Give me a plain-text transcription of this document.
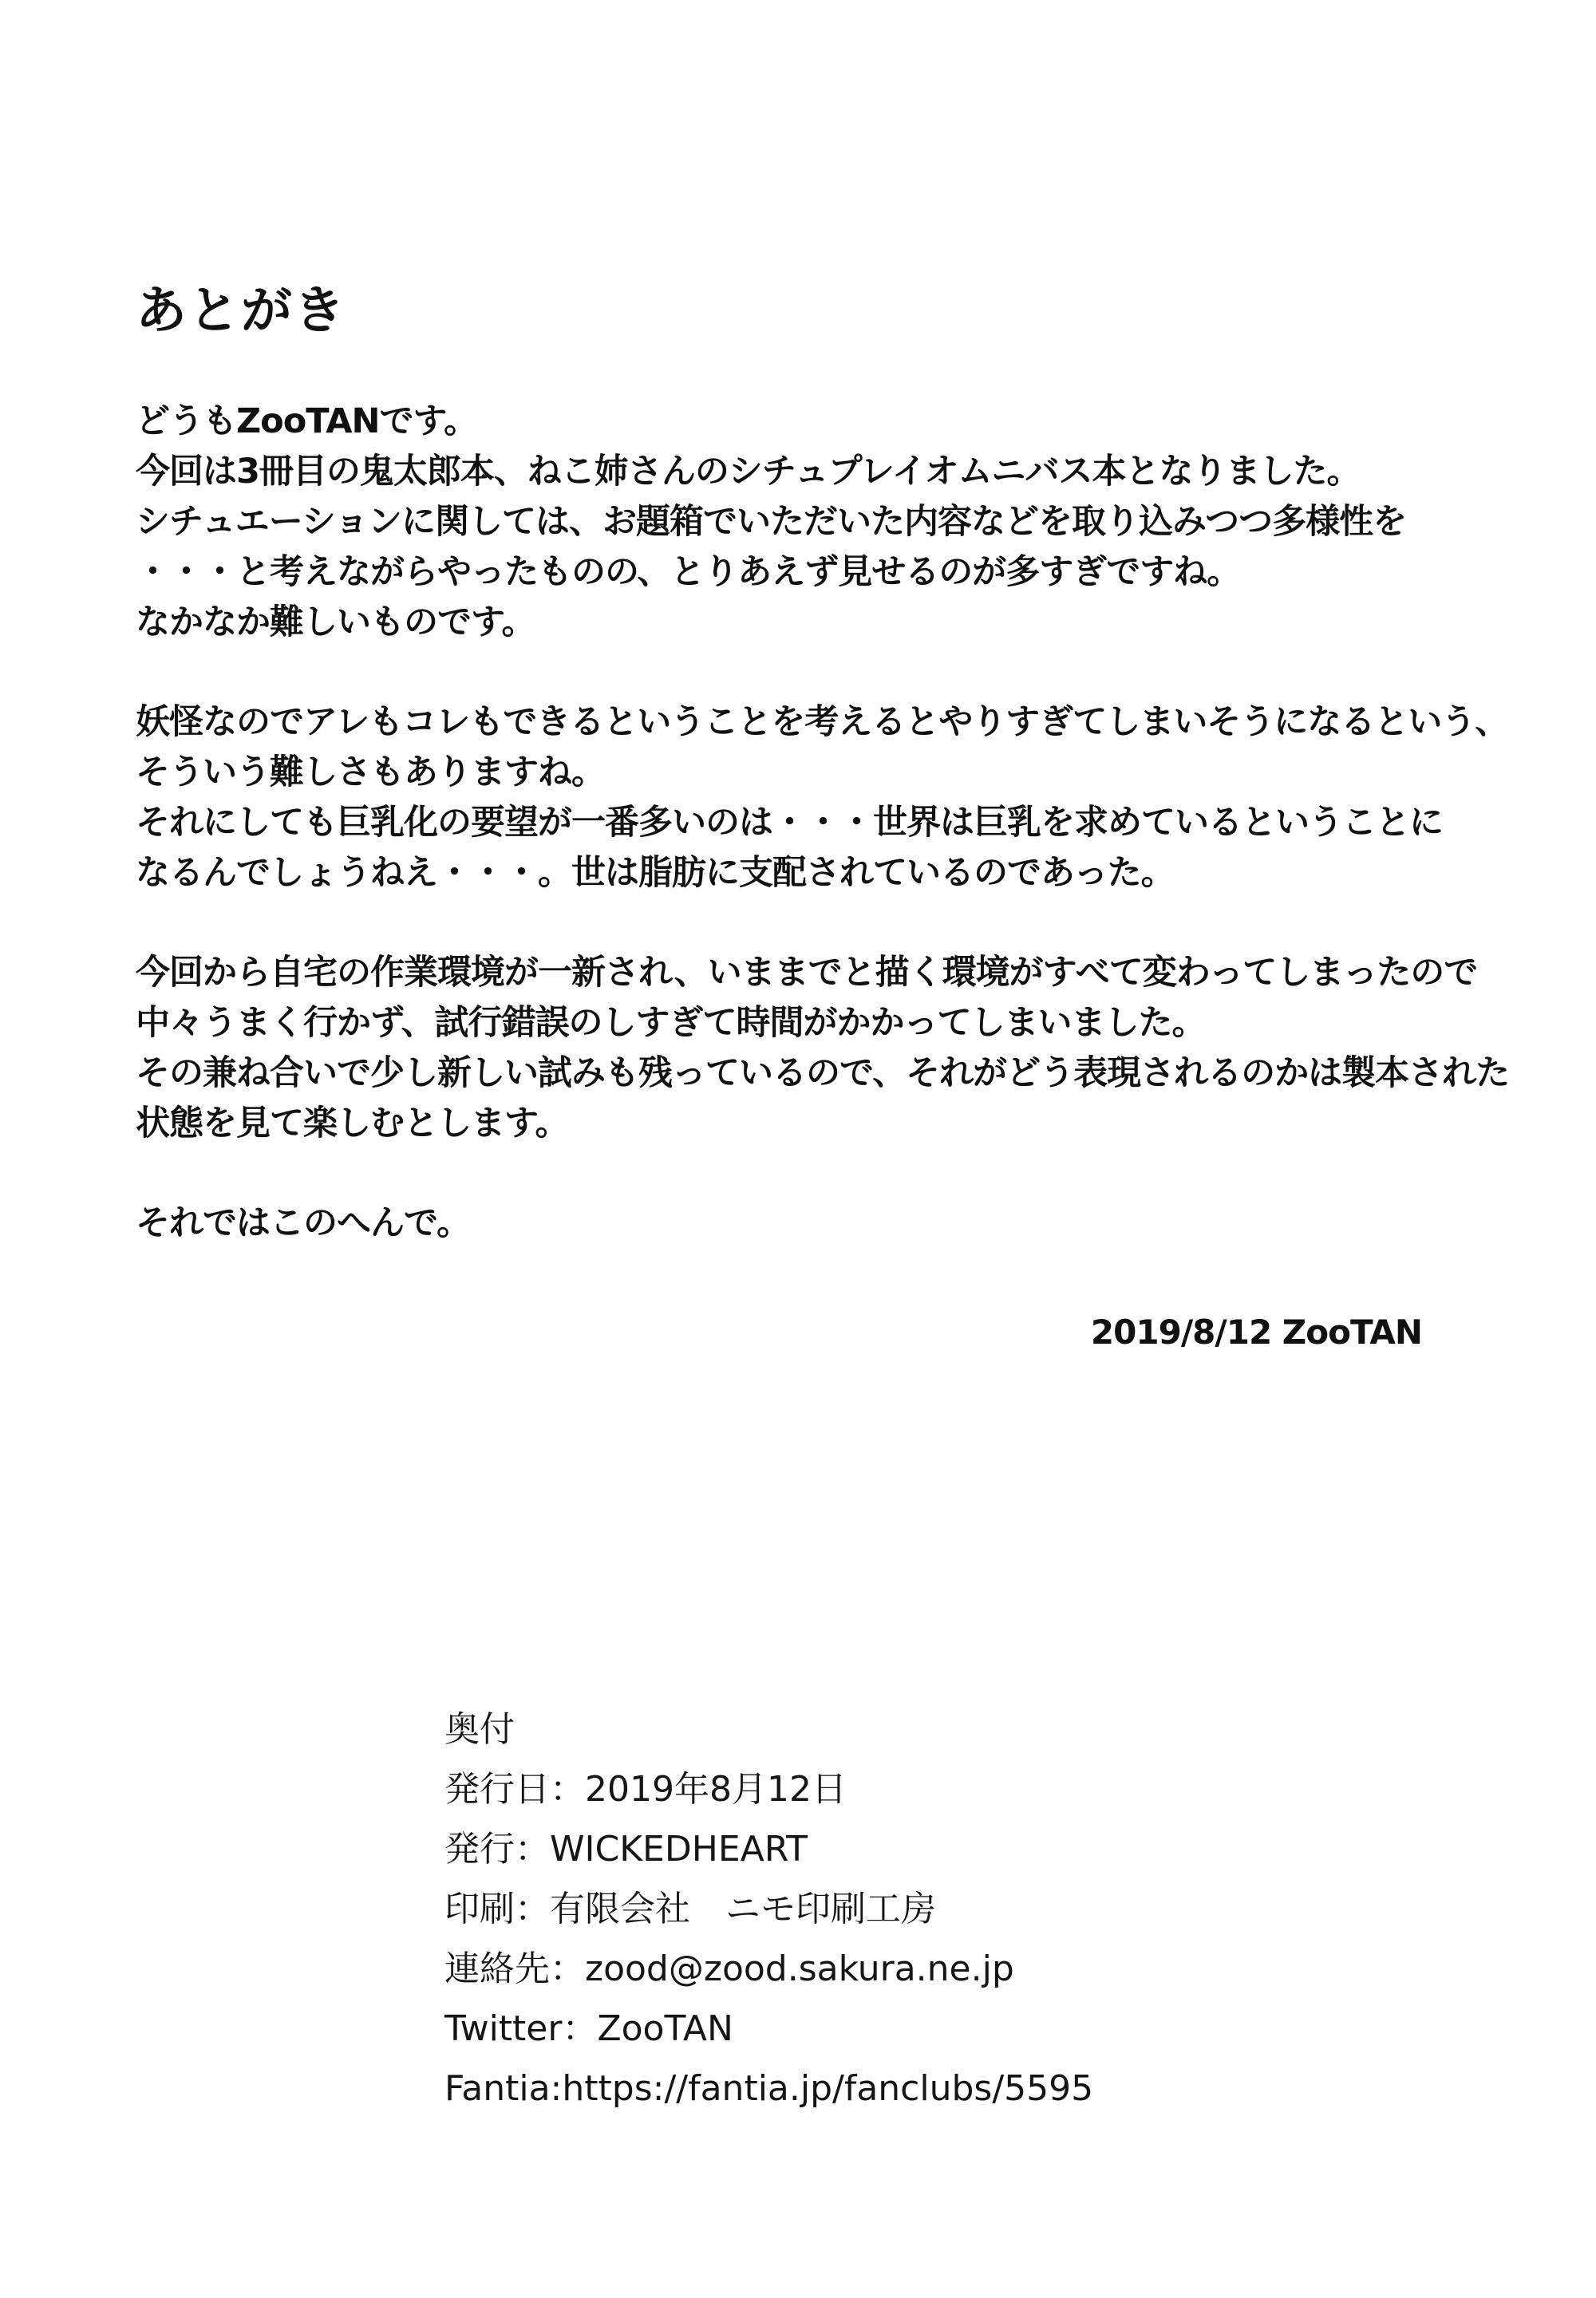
あとがき
どうもZooTANです。
今回は3冊目の鬼太郎本、ねこ姉さんのシチュプレイオムニバス本となりました。
シチュエーションに関しては、お題箱でいただいた内容などを取り込みつつ多様性を
・・・と考えながらやったものの、とりあえず見せるのが多すぎですね。
なかなか難しいものです。
妖怪なのでアレもコレもできるということを考えるとやりすぎてしまいそうになるという、
そういう難しさもありますね。
それにしても巨乳化の要望が一番多いのは・・・世界は巨乳を求めているということに
なるんでしょうねえ・・・。世は脂肪に支配されているのであった。
今回から自宅の作業環境が一新され、いままでと描く環境がすべて変わってしまったので
中々うまく行かず、試行錯誤のしすぎて時間がかかってしまいました。
その兼ね合いで少し新しい試みも残っているので、それがどう表現されるのかは製本された
状態を見て楽しむとします。
それではこのへんで。
2019/8/12 ZooTAN
奥付
発行日：2019年8月12日
発行：WICKEDHEART
印刷：有限会社　ニモ印刷工房
連絡先：zood@zood.sakura.ne.jp
Twitter：ZooTAN
Fantia:https://fantia.jp/fanclubs/5595
